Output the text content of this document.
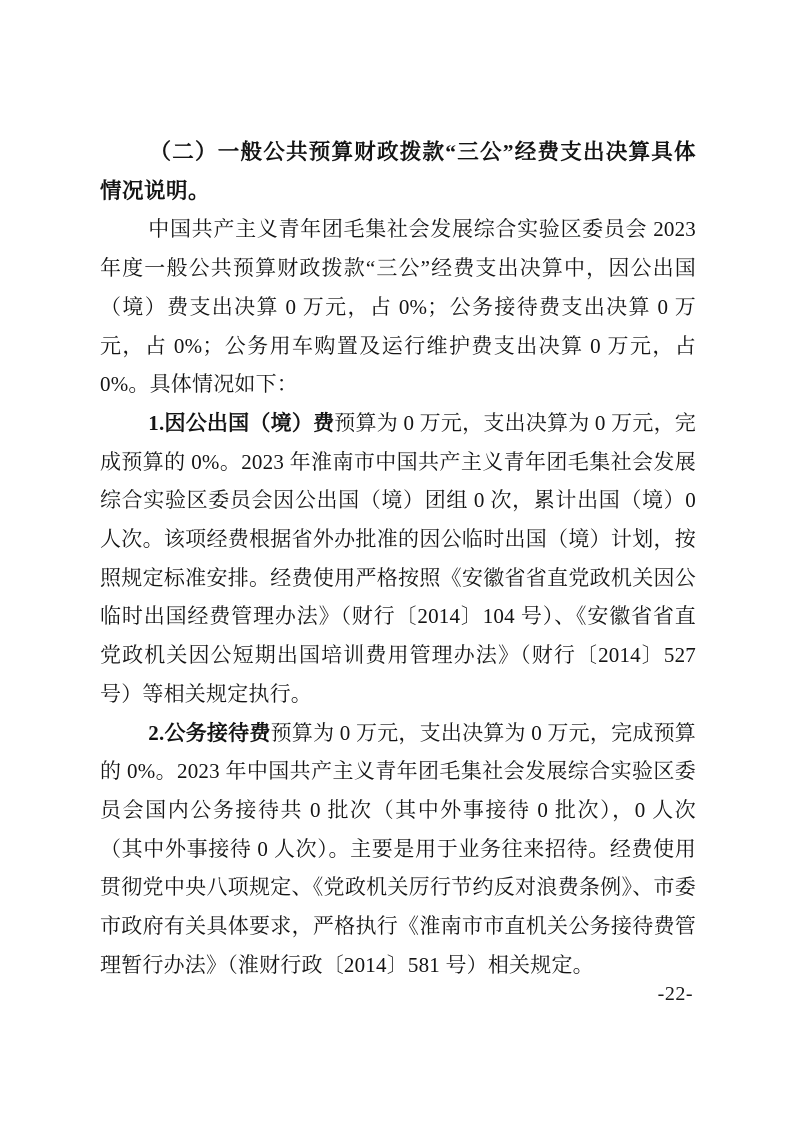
（二）一般公共预算财政拨款“三公”经费支出决算具体情况说明。

中国共产主义青年团毛集社会发展综合实验区委员会 2023 年度一般公共预算财政拨款“三公”经费支出决算中，因公出国（境）费支出决算 0 万元，占 0%；公务接待费支出决算 0 万元，占 0%；公务用车购置及运行维护费支出决算 0 万元，占 0%。具体情况如下：

1.因公出国（境）费预算为 0 万元，支出决算为 0 万元，完成预算的 0%。2023 年淮南市中国共产主义青年团毛集社会发展综合实验区委员会因公出国（境）团组 0 次，累计出国（境）0 人次。该项经费根据省外办批准的因公临时出国（境）计划，按照规定标准安排。经费使用严格按照《安徽省省直党政机关因公临时出国经费管理办法》（财行〔2014〕104 号）、《安徽省省直党政机关因公短期出国培训费用管理办法》（财行〔2014〕527 号）等相关规定执行。

2.公务接待费预算为 0 万元，支出决算为 0 万元，完成预算的 0%。2023 年中国共产主义青年团毛集社会发展综合实验区委员会国内公务接待共 0 批次（其中外事接待 0 批次），0 人次（其中外事接待 0 人次）。主要是用于业务往来招待。经费使用贯彻党中央八项规定、《党政机关厉行节约反对浪费条例》、市委市政府有关具体要求，严格执行《淮南市市直机关公务接待费管理暂行办法》（淮财行政〔2014〕581 号）相关规定。

-22-
